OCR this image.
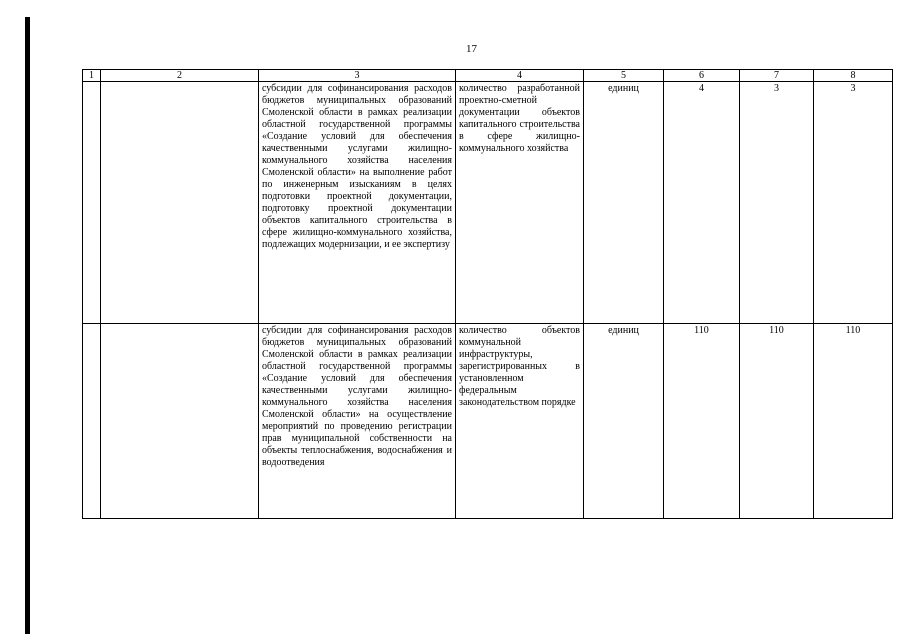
17
1	2	3	4	5	6	7	8
		субсидии для софинансирования расходов бюджетов муниципальных образований Смоленской области в рамках реализации областной государственной программы «Создание условий для обеспечения качественными услугами жилищно-коммунального хозяйства населения Смоленской области» на выполнение работ по инженерным изысканиям в целях подготовки проектной документации, подготовку проектной документации объектов капитального строительства в сфере жилищно-коммунального хозяйства, подлежащих модернизации, и ее экспертизу	количество разработанной проектно-сметной документации объектов капитального строительства в сфере жилищно-коммунального хозяйства	единиц	4	3	3
		субсидии для софинансирования расходов бюджетов муниципальных образований Смоленской области в рамках реализации областной государственной программы «Создание условий для обеспечения качественными услугами жилищно-коммунального хозяйства населения Смоленской области» на осуществление мероприятий по проведению регистрации прав муниципальной собственности на объекты теплоснабжения, водоснабжения и водоотведения	количество объектов коммунальной инфраструктуры, зарегистрированных в установленном федеральным законодательством порядке	единиц	110	110	110
